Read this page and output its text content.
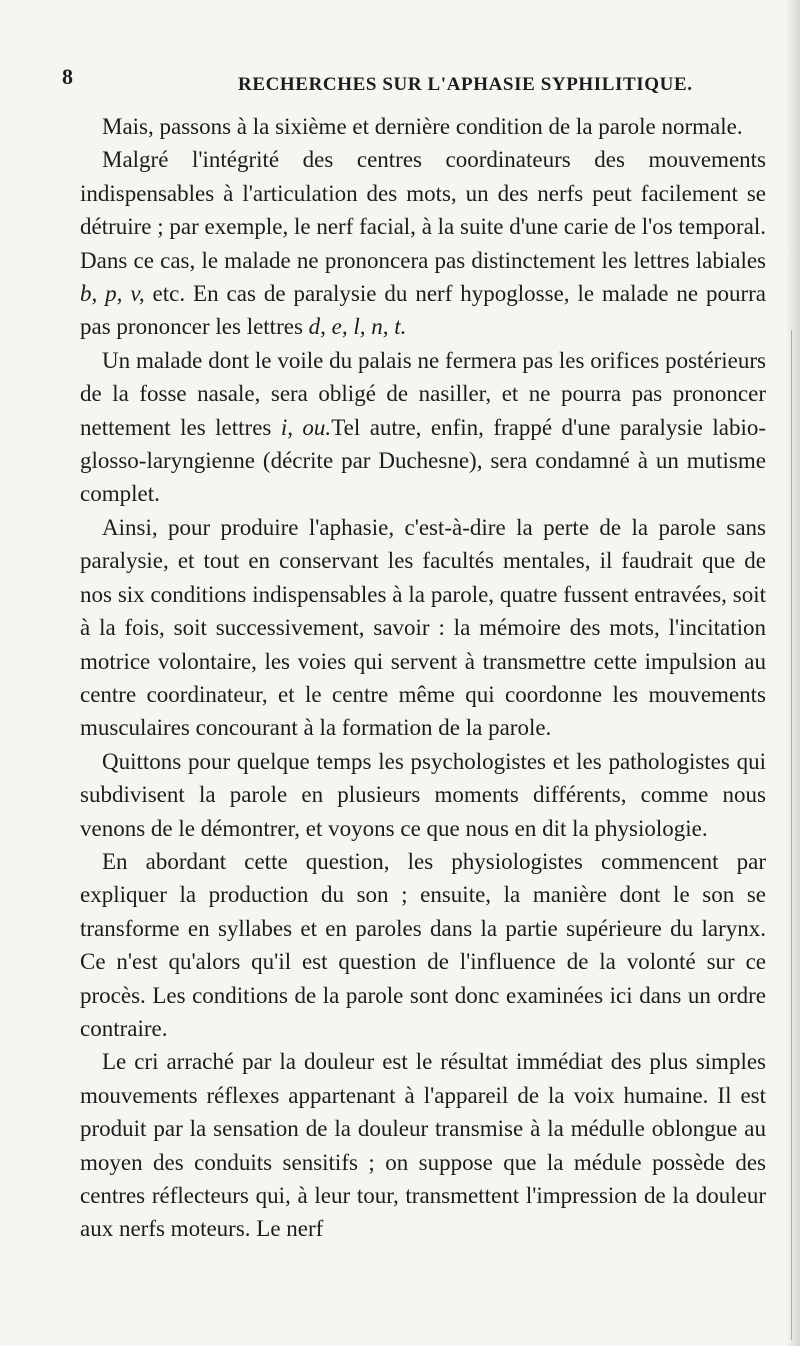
8	RECHERCHES SUR L'APHASIE SYPHILITIQUE.

Mais, passons à la sixième et dernière condition de la parole normale.

Malgré l'intégrité des centres coordinateurs des mouvements indispensables à l'articulation des mots, un des nerfs peut facilement se détruire ; par exemple, le nerf facial, à la suite d'une carie de l'os temporal. Dans ce cas, le malade ne prononcera pas distinctement les lettres labiales b, p, v, etc. En cas de paralysie du nerf hypoglosse, le malade ne pourra pas prononcer les lettres d, e, l, n, t.

Un malade dont le voile du palais ne fermera pas les orifices postérieurs de la fosse nasale, sera obligé de nasiller, et ne pourra pas prononcer nettement les lettres i, ou.Tel autre, enfin, frappé d'une paralysie labio-glosso-laryngienne (décrite par Duchesne), sera condamné à un mutisme complet.

Ainsi, pour produire l'aphasie, c'est-à-dire la perte de la parole sans paralysie, et tout en conservant les facultés mentales, il faudrait que de nos six conditions indispensables à la parole, quatre fussent entravées, soit à la fois, soit successivement, savoir : la mémoire des mots, l'incitation motrice volontaire, les voies qui servent à transmettre cette impulsion au centre coordinateur, et le centre même qui coordonne les mouvements musculaires concourant à la formation de la parole.

Quittons pour quelque temps les psychologistes et les pathologistes qui subdivisent la parole en plusieurs moments différents, comme nous venons de le démontrer, et voyons ce que nous en dit la physiologie.

En abordant cette question, les physiologistes commencent par expliquer la production du son ; ensuite, la manière dont le son se transforme en syllabes et en paroles dans la partie supérieure du larynx. Ce n'est qu'alors qu'il est question de l'influence de la volonté sur ce procès. Les conditions de la parole sont donc examinées ici dans un ordre contraire.

Le cri arraché par la douleur est le résultat immédiat des plus simples mouvements réflexes appartenant à l'appareil de la voix humaine. Il est produit par la sensation de la douleur transmise à la médulle oblongue au moyen des conduits sensitifs ; on suppose que la médule possède des centres réflecteurs qui, à leur tour, transmettent l'impression de la douleur aux nerfs moteurs. Le nerf
